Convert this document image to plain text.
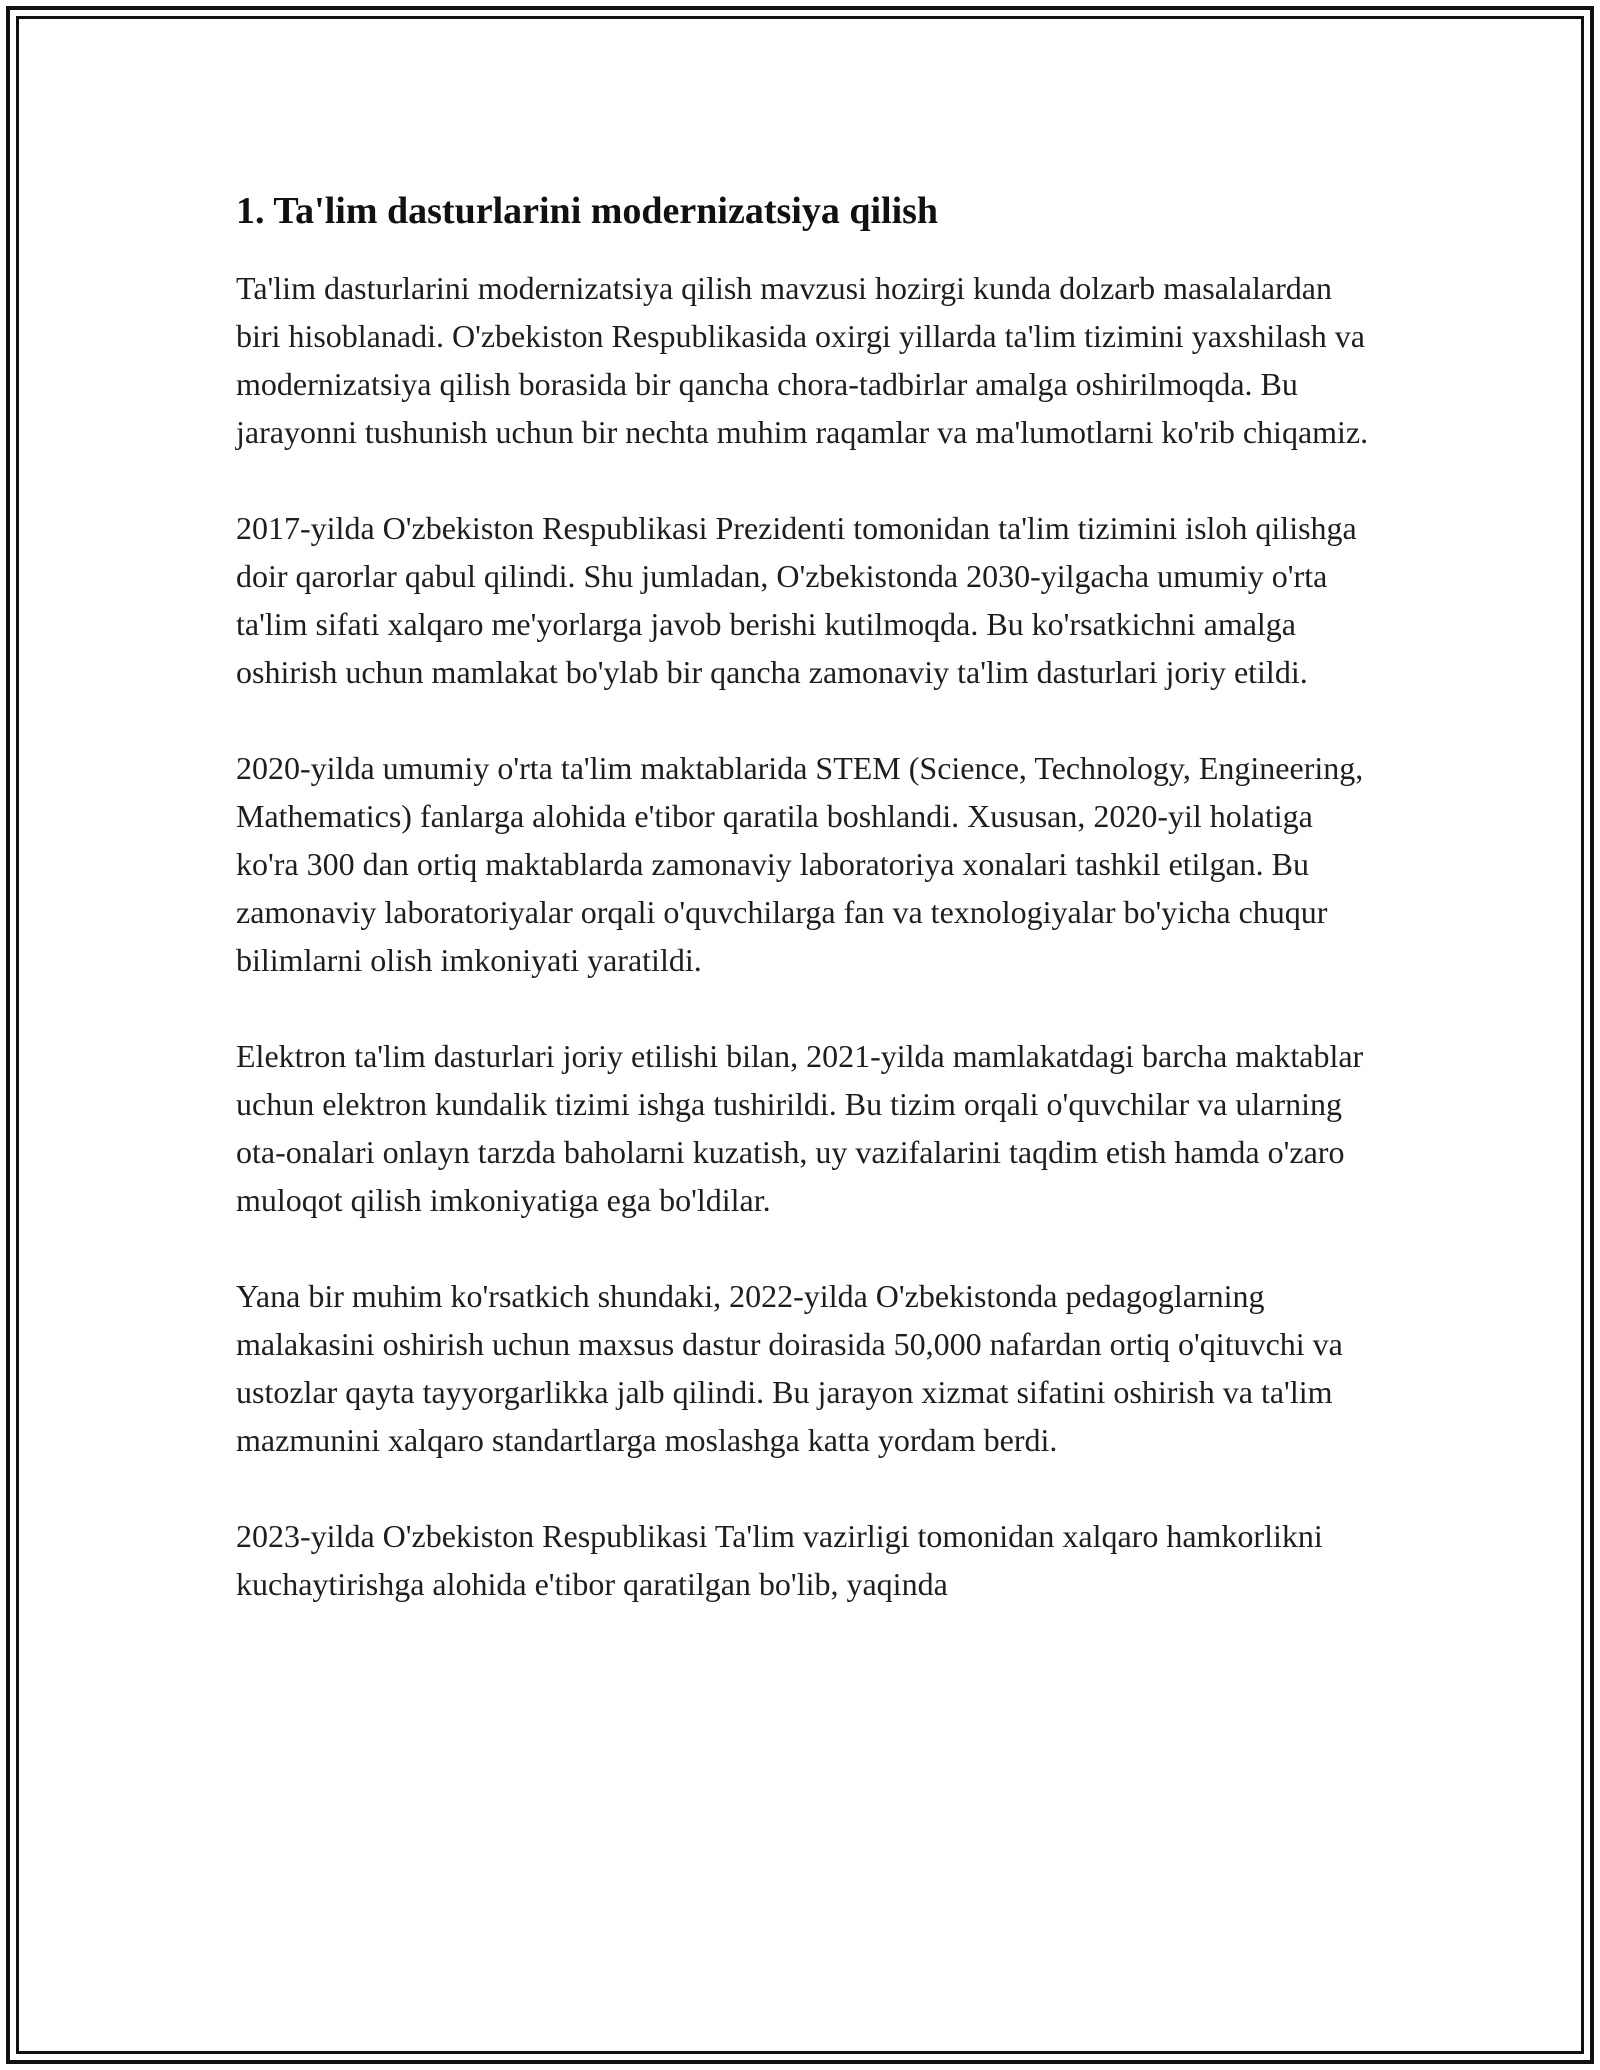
1. Ta'lim dasturlarini modernizatsiya qilish

Ta'lim dasturlarini modernizatsiya qilish mavzusi hozirgi kunda dolzarb masalalardan biri hisoblanadi. O'zbekiston Respublikasida oxirgi yillarda ta'lim tizimini yaxshilash va modernizatsiya qilish borasida bir qancha chora-tadbirlar amalga oshirilmoqda. Bu jarayonni tushunish uchun bir nechta muhim raqamlar va ma'lumotlarni ko'rib chiqamiz.

2017-yilda O'zbekiston Respublikasi Prezidenti tomonidan ta'lim tizimini isloh qilishga doir qarorlar qabul qilindi. Shu jumladan, O'zbekistonda 2030-yilgacha umumiy o'rta ta'lim sifati xalqaro me'yorlarga javob berishi kutilmoqda. Bu ko'rsatkichni amalga oshirish uchun mamlakat bo'ylab bir qancha zamonaviy ta'lim dasturlari joriy etildi.

2020-yilda umumiy o'rta ta'lim maktablarida STEM (Science, Technology, Engineering, Mathematics) fanlarga alohida e'tibor qaratila boshlandi. Xususan, 2020-yil holatiga ko'ra 300 dan ortiq maktablarda zamonaviy laboratoriya xonalari tashkil etilgan. Bu zamonaviy laboratoriyalar orqali o'quvchilarga fan va texnologiyalar bo'yicha chuqur bilimlarni olish imkoniyati yaratildi.

Elektron ta'lim dasturlari joriy etilishi bilan, 2021-yilda mamlakatdagi barcha maktablar uchun elektron kundalik tizimi ishga tushirildi. Bu tizim orqali o'quvchilar va ularning ota-onalari onlayn tarzda baholarni kuzatish, uy vazifalarini taqdim etish hamda o'zaro muloqot qilish imkoniyatiga ega bo'ldilar.

Yana bir muhim ko'rsatkich shundaki, 2022-yilda O'zbekistonda pedagoglarning malakasini oshirish uchun maxsus dastur doirasida 50,000 nafardan ortiq o'qituvchi va ustozlar qayta tayyorgarlikka jalb qilindi. Bu jarayon xizmat sifatini oshirish va ta'lim mazmunini xalqaro standartlarga moslashga katta yordam berdi.

2023-yilda O'zbekiston Respublikasi Ta'lim vazirligi tomonidan xalqaro hamkorlikni kuchaytirishga alohida e'tibor qaratilgan bo'lib, yaqinda
